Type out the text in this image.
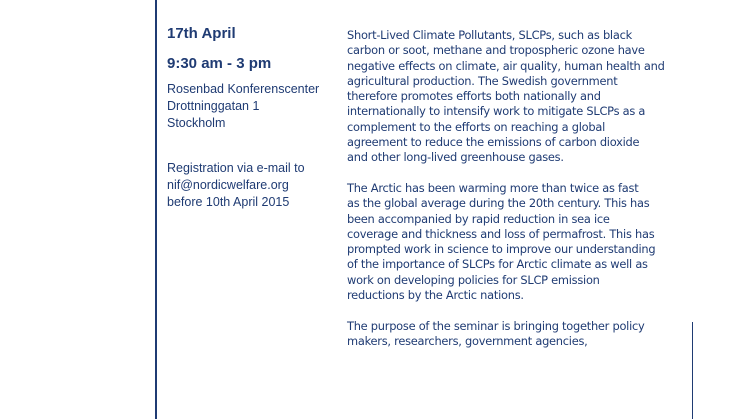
17th April
9:30 am - 3 pm
Rosenbad Konferenscenter
Drottninggatan 1
Stockholm
Registration via e-mail to
nif@nordicwelfare.org
before 10th April 2015

Short-Lived Climate Pollutants, SLCPs, such as black
carbon or soot, methane and tropospheric ozone have
negative effects on climate, air quality, human health and
agricultural production. The Swedish government
therefore promotes efforts both nationally and
internationally to intensify work to mitigate SLCPs as a
complement to the efforts on reaching a global
agreement to reduce the emissions of carbon dioxide
and other long-lived greenhouse gases.

The Arctic has been warming more than twice as fast
as the global average during the 20th century. This has
been accompanied by rapid reduction in sea ice
coverage and thickness and loss of permafrost. This has
prompted work in science to improve our understanding
of the importance of SLCPs for Arctic climate as well as
work on developing policies for SLCP emission
reductions by the Arctic nations.

The purpose of the seminar is bringing together policy
makers, researchers, government agencies,
